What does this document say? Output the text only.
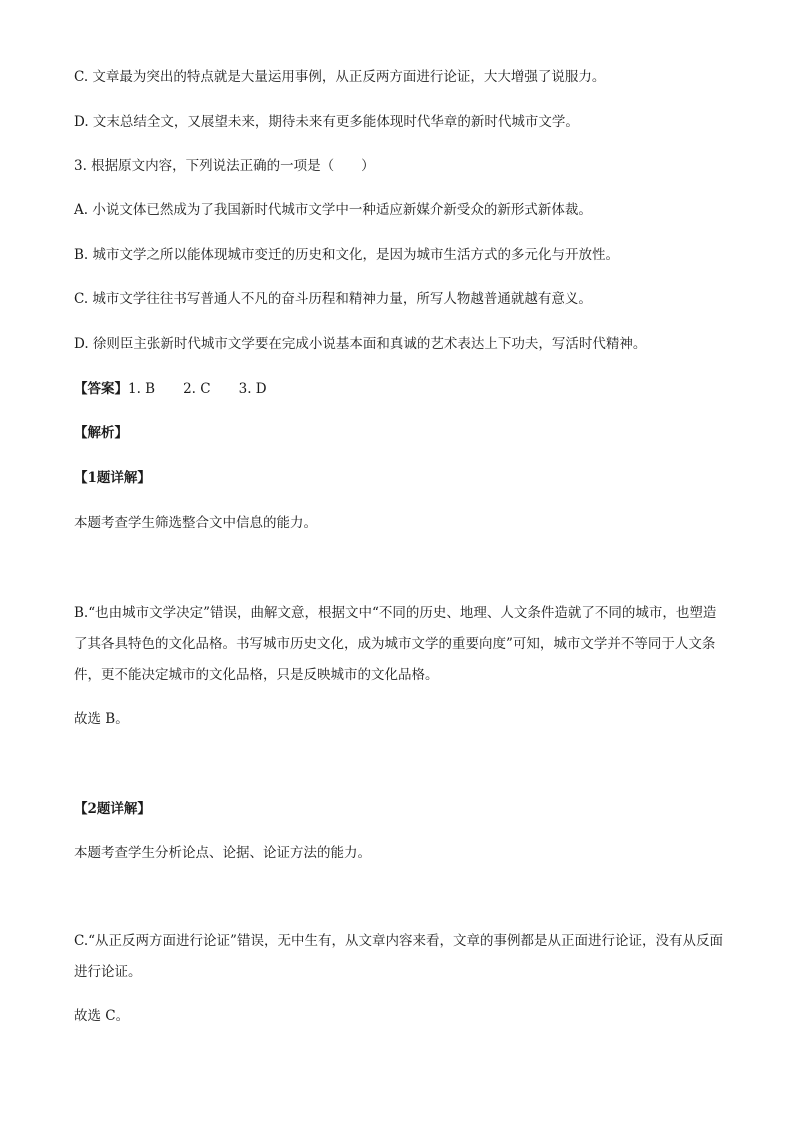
C. 文章最为突出的特点就是大量运用事例，从正反两方面进行论证，大大增强了说服力。
D. 文末总结全文，又展望未来，期待未来有更多能体现时代华章的新时代城市文学。
3. 根据原文内容，下列说法正确的一项是（　　）
A. 小说文体已然成为了我国新时代城市文学中一种适应新媒介新受众的新形式新体裁。
B. 城市文学之所以能体现城市变迁的历史和文化，是因为城市生活方式的多元化与开放性。
C. 城市文学往往书写普通人不凡的奋斗历程和精神力量，所写人物越普通就越有意义。
D. 徐则臣主张新时代城市文学要在完成小说基本面和真诚的艺术表达上下功夫，写活时代精神。
【答案】1. B 2. C 3. D
【解析】
【1题详解】
本题考查学生筛选整合文中信息的能力。
B.“也由城市文学决定”错误，曲解文意，根据文中“不同的历史、地理、人文条件造就了不同的城市，也塑造了其各具特色的文化品格。书写城市历史文化，成为城市文学的重要向度”可知，城市文学并不等同于人文条件，更不能决定城市的文化品格，只是反映城市的文化品格。
故选 B。
【2题详解】
本题考查学生分析论点、论据、论证方法的能力。
C.“从正反两方面进行论证”错误，无中生有，从文章内容来看，文章的事例都是从正面进行论证，没有从反面进行论证。
故选 C。
